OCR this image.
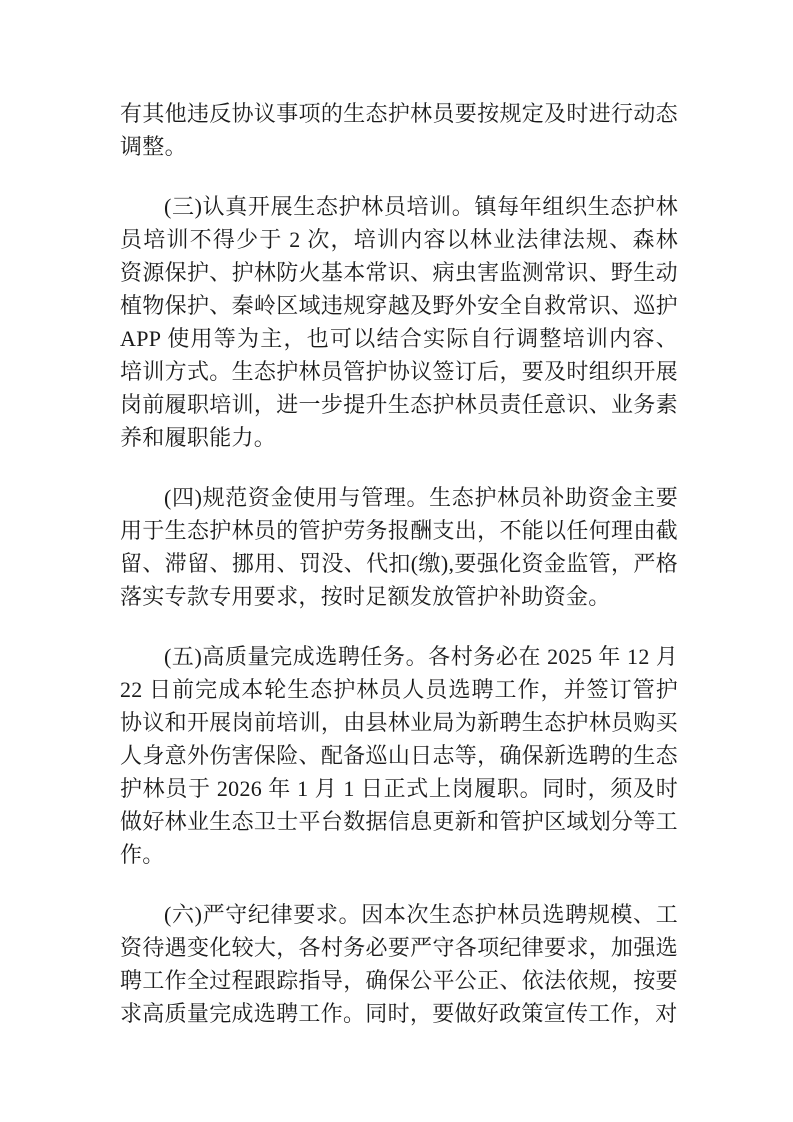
有其他违反协议事项的生态护林员要按规定及时进行动态调整。

(三)认真开展生态护林员培训。镇每年组织生态护林员培训不得少于 2 次，培训内容以林业法律法规、森林资源保护、护林防火基本常识、病虫害监测常识、野生动植物保护、秦岭区域违规穿越及野外安全自救常识、巡护 APP 使用等为主，也可以结合实际自行调整培训内容、培训方式。生态护林员管护协议签订后，要及时组织开展岗前履职培训，进一步提升生态护林员责任意识、业务素养和履职能力。

(四)规范资金使用与管理。生态护林员补助资金主要用于生态护林员的管护劳务报酬支出，不能以任何理由截留、滞留、挪用、罚没、代扣(缴),要强化资金监管，严格落实专款专用要求，按时足额发放管护补助资金。

(五)高质量完成选聘任务。各村务必在 2025 年 12 月 22 日前完成本轮生态护林员人员选聘工作，并签订管护协议和开展岗前培训，由县林业局为新聘生态护林员购买人身意外伤害保险、配备巡山日志等，确保新选聘的生态护林员于 2026 年 1 月 1 日正式上岗履职。同时，须及时做好林业生态卫士平台数据信息更新和管护区域划分等工作。

(六)严守纪律要求。因本次生态护林员选聘规模、工资待遇变化较大，各村务必要严守各项纪律要求，加强选聘工作全过程跟踪指导，确保公平公正、依法依规，按要求高质量完成选聘工作。同时，要做好政策宣传工作，对
